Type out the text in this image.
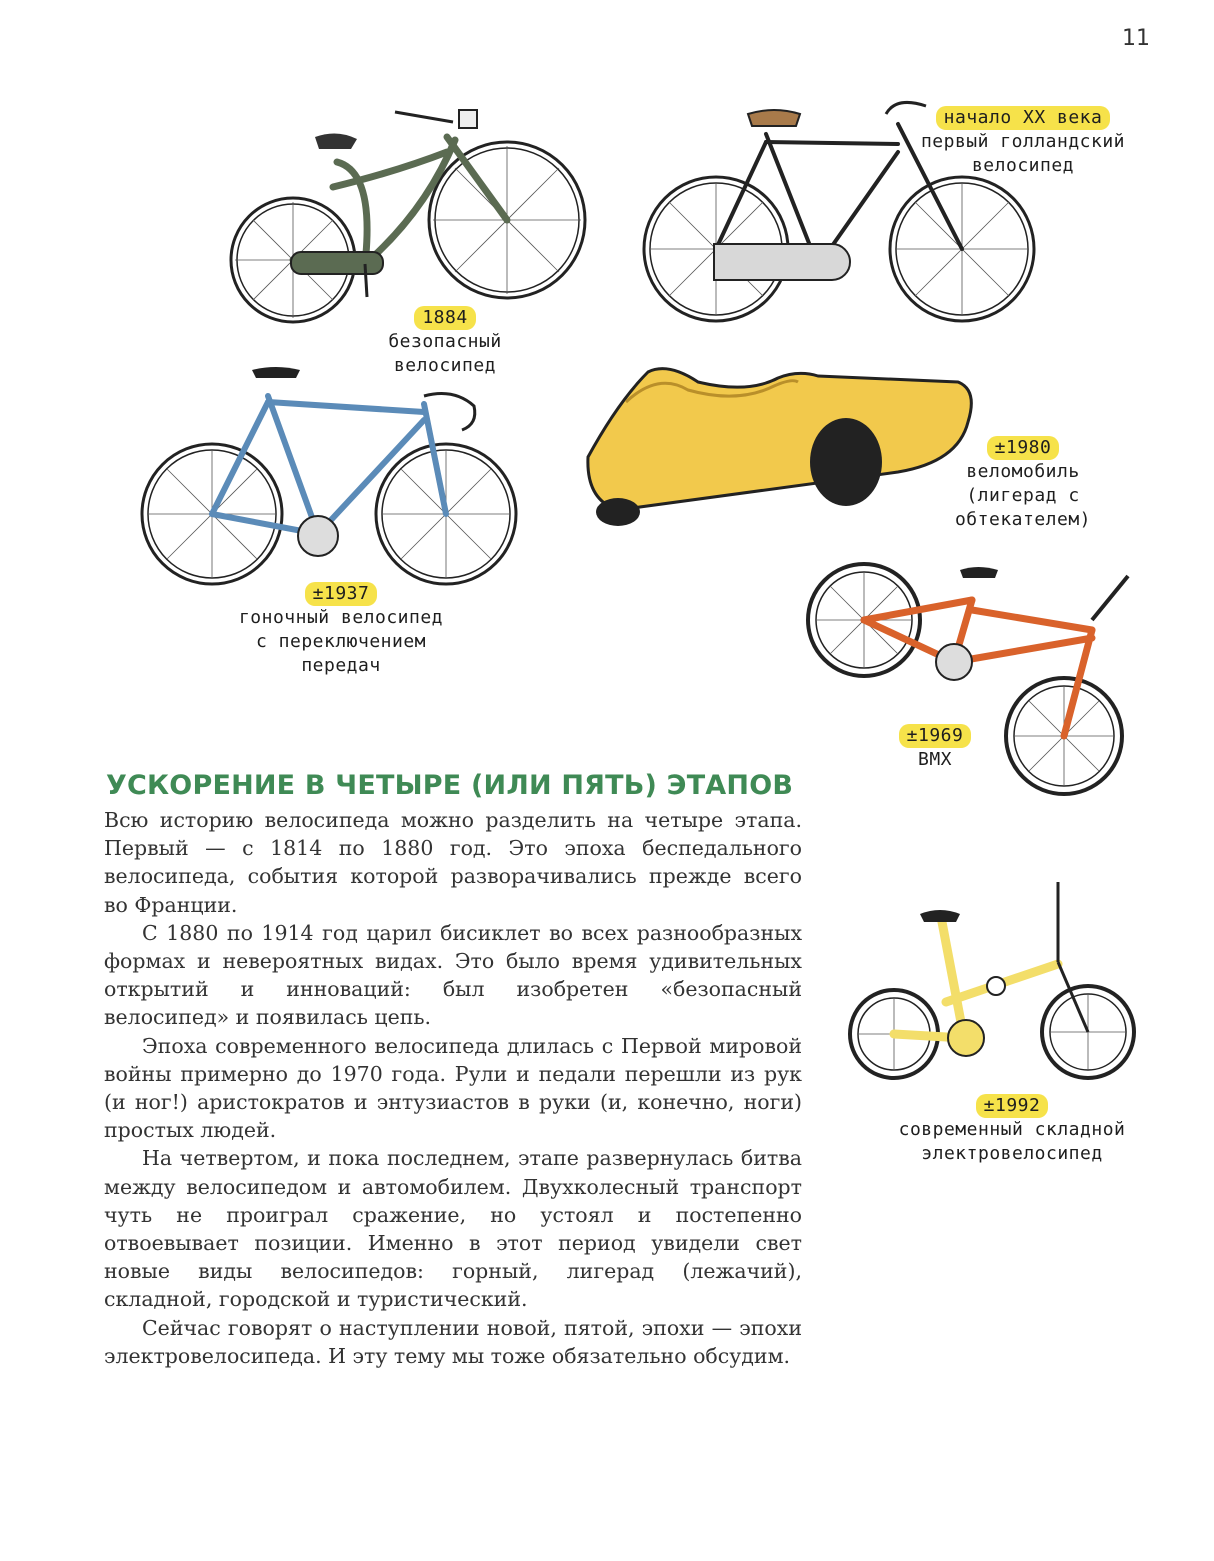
11
1884
безопасный велосипед
начало XX века
первый голландский
велосипед
±1937
гоночный велосипед
с переключением передач
±1980
веломобиль
(лигерад с обтекателем)
±1969
BMX
±1992
современный складной
электровелосипед
УСКОРЕНИЕ В ЧЕТЫРЕ (ИЛИ ПЯТЬ) ЭТАПОВ

Всю историю велосипеда можно разделить на четыре этапа. Первый — с 1814 по 1880 год. Это эпоха беспедального велосипеда, события которой разворачивались прежде всего во Франции.

С 1880 по 1914 год царил бисиклет во всех разнообразных формах и невероятных видах. Это было время удивительных открытий и инноваций: был изобретен «безопасный велосипед» и появилась цепь.

Эпоха современного велосипеда длилась с Первой мировой войны примерно до 1970 года. Рули и педали перешли из рук (и ног!) аристократов и энтузиастов в руки (и, конечно, ноги) простых людей.

На четвертом, и пока последнем, этапе развернулась битва между велосипедом и автомобилем. Двухколесный транспорт чуть не проиграл сражение, но устоял и постепенно отвоевывает позиции. Именно в этот период увидели свет новые виды велосипедов: горный, лигерад (лежачий), складной, городской и туристический.

Сейчас говорят о наступлении новой, пятой, эпохи — эпохи электровелосипеда. И эту тему мы тоже обязательно обсудим.
